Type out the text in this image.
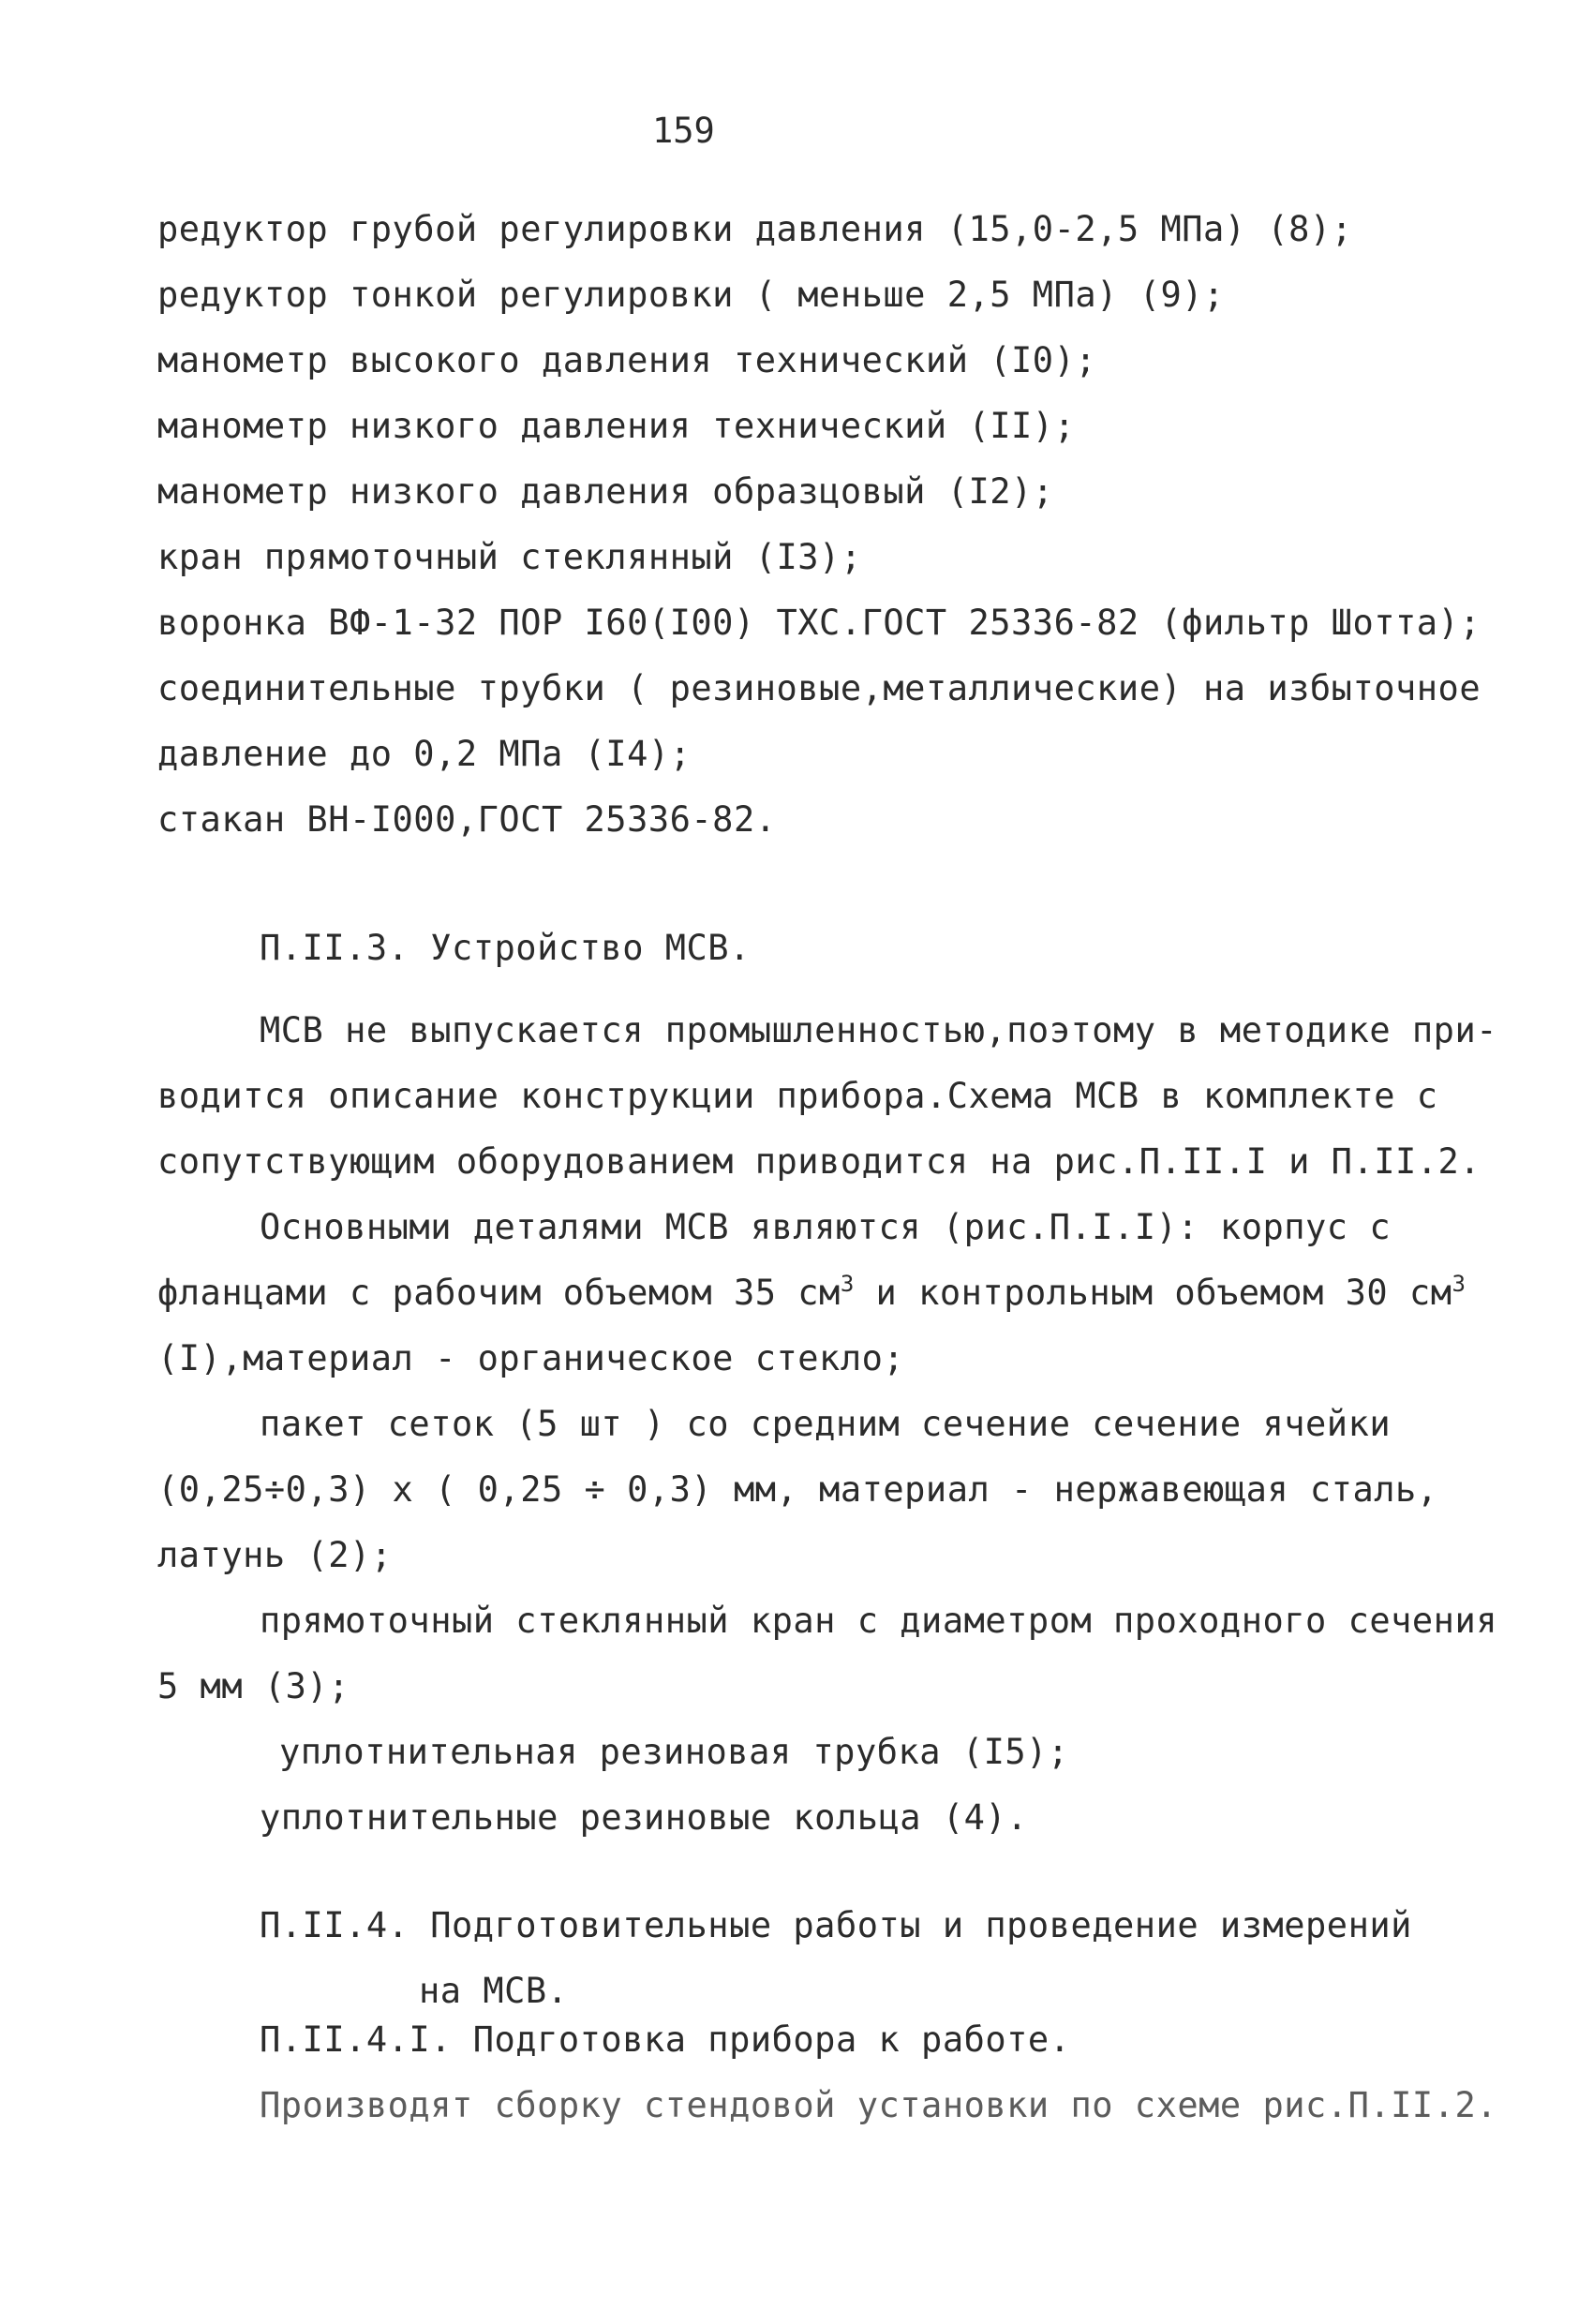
159
редуктор грубой регулировки давления (15,0-2,5 МПа) (8);
редуктор тонкой регулировки ( меньше 2,5 МПа) (9);
манометр высокого давления технический (I0);
манометр низкого давления технический (II);
манометр низкого давления образцовый (I2);
кран прямоточный стеклянный (I3);
воронка ВФ-1-32 ПОР I60(I00) ТХС.ГОСТ 25336-82 (фильтр Шотта);
соединительные трубки ( резиновые,металлические) на избыточное
давление до 0,2 МПа (I4);
стакан ВН-I000,ГОСТ 25336-82.
П.II.3. Устройство МСВ.
МСВ не выпускается промышленностью,поэтому в методике при-
водится описание конструкции прибора.Схема МСВ в комплекте с
сопутствующим оборудованием приводится на рис.П.II.I и П.II.2.
Основными деталями МСВ являются (рис.П.I.I): корпус с
фланцами с рабочим объемом 35 $см^3$ и контрольным объемом 30 $см^3$
(I),материал - органическое стекло;
пакет сеток (5 шт ) со средним сечение сечение ячейки
(0,25÷0,3) х ( 0,25 ÷ 0,3) мм, материал - нержавеющая сталь,
латунь (2);
прямоточный стеклянный кран с диаметром проходного сечения
5 мм (3);
уплотнительная резиновая трубка (I5);
уплотнительные резиновые кольца (4).
П.II.4. Подготовительные работы и проведение измерений
на МСВ.
П.II.4.I. Подготовка прибора к работе.
Производят сборку стендовой установки по схеме рис.П.II.2.
